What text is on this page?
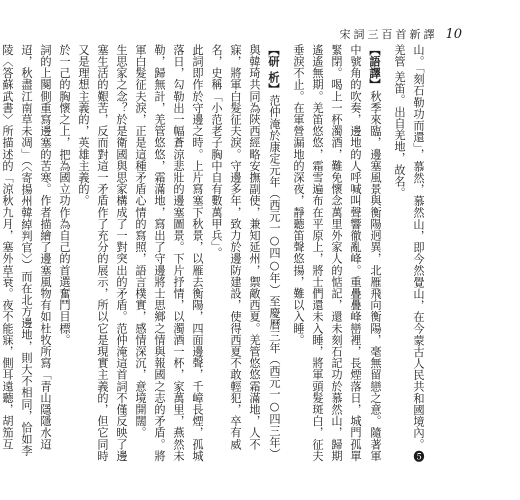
宋詞三百首新譯 10

山。「刻石勒功而還」，慕然，慕然山，即今然覺山，在今蒙古人民共和國境內。❺羌管 羌笛。出自羌地，故名。

【語譯】秋季來臨，邊塞風景與衡陽迥異，北雁飛向衡陽，毫無留戀之意。隨著軍中號角的吹奏，邊地的人呼喊叫聲響徹亂峰。重疊疊峰巒裡，長煙落日，城門孤單緊閉。喝上一杯濁酒，難免懷念萬里外家人的惦記，還未刻石記功於慕然山，歸期遙遙無期。羌笛悠悠，霜雪遍布在平原上，將士們還未入睡，將軍頭髮斑白，征夫垂淚不止。在軍營漏地的深夜，靜聽笛聲悠揚，難以入睡。

【研 析】范仲淹於康定元年（西元一○四○年）至慶曆三年（西元一○四三年）與韓琦共同為陝西經略安撫副使，兼知延州，禦敵西夏。羌管悠悠霜滿地，人不寐，將軍白髮征夫淚。守邊多年，致力於邊防建設，使得西夏不敢輕犯，卒有威名，史稱「小范老子胸中自有數萬甲兵」。

此詞即作於守邊之時。上片寫塞下秋景，以雁去衡陽，四面邊聲，千嶂長煙，孤城落日，勾勒出一幅蒼涼悲壯的邊塞圖景。下片抒情，以濁酒一杯，家萬里，燕然未勒，歸無計，羌管悠悠，霜滿地，寫出了守邊將士思鄉之情與報國之志的矛盾。將軍白髮征夫淚，正是這種矛盾心情的寫照，語言樸實，感情深沉，意境開闊。

生思家之念？於是衛國與思家構成了一對突出的矛盾。范仲淹這首詞不僅反映了邊塞生活的艱苦，反而對這一矛盾作了充分的展示，所以它是現實主義的，但它同時又是理想主義的，英雄主義的。

於一己的胸懷之上，把為國立功作為自己的首選奮鬥目標。

詞的上闋側重寫邊塞的苦寒。作者描繪了邊塞風物有如杜牧所寫「青山隱隱水迢迢，秋盡江南草未凋」（〈寄揚州韓綽判官〉）而在北方邊地，則大不相同，恰如李陵〈答蘇武書〉所描述的「涼秋九月，塞外草衰。夜不能寐，側耳遠聽，胡笳互
